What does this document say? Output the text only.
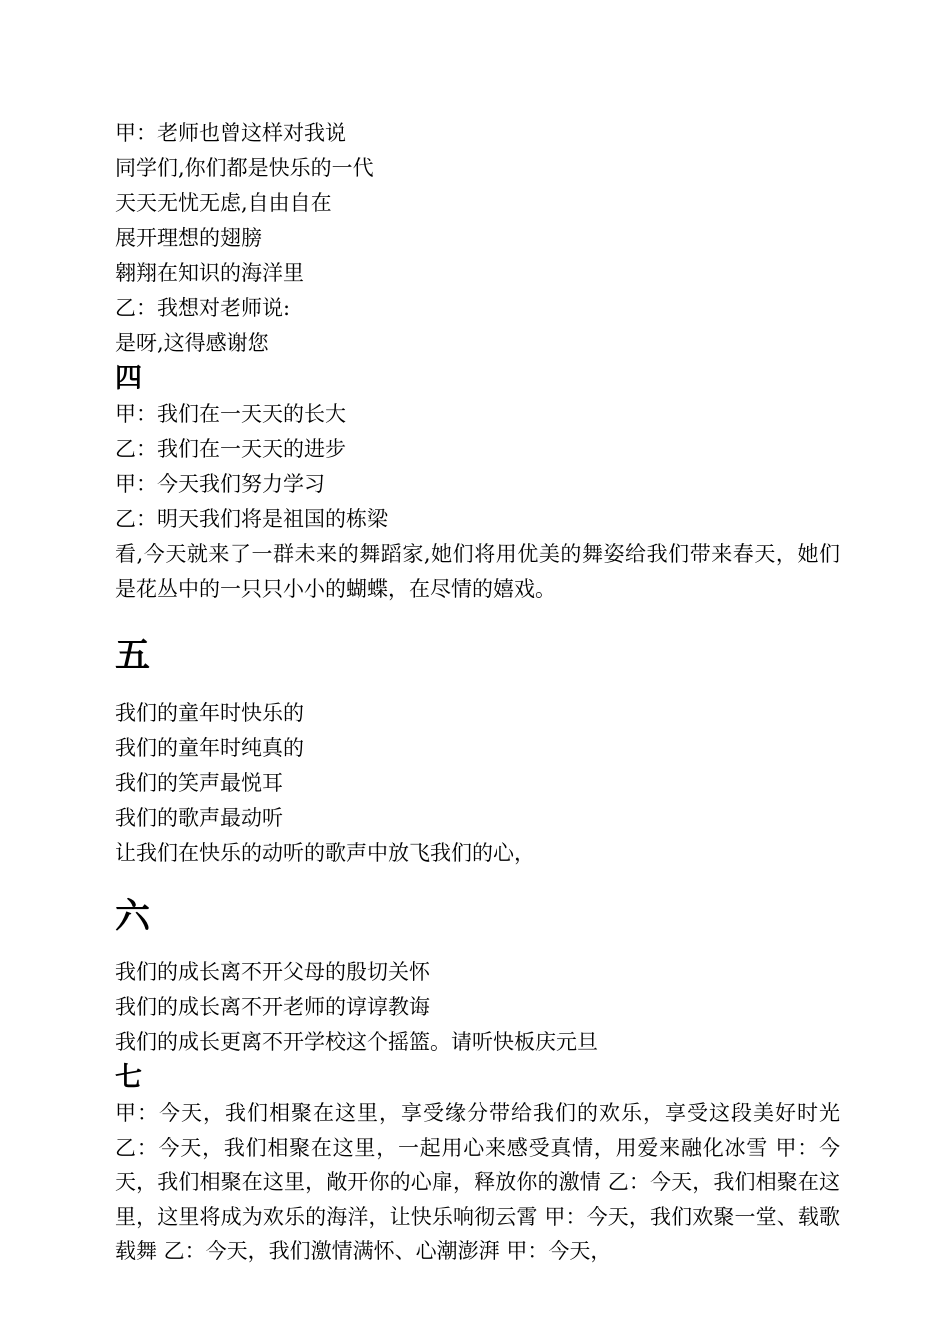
甲：老师也曾这样对我说
同学们,你们都是快乐的一代
天天无忧无虑,自由自在
展开理想的翅膀
翱翔在知识的海洋里
乙：我想对老师说:
是呀,这得感谢您
四
甲：我们在一天天的长大
乙：我们在一天天的进步
甲：今天我们努力学习
乙：明天我们将是祖国的栋梁
看,今天就来了一群未来的舞蹈家,她们将用优美的舞姿给我们带来春天，她们是花丛中的一只只小小的蝴蝶，在尽情的嬉戏。
五
我们的童年时快乐的
我们的童年时纯真的
我们的笑声最悦耳
我们的歌声最动听
让我们在快乐的动听的歌声中放飞我们的心，
六
我们的成长离不开父母的殷切关怀
我们的成长离不开老师的谆谆教诲
我们的成长更离不开学校这个摇篮。请听快板庆元旦
七
甲：今天，我们相聚在这里，享受缘分带给我们的欢乐，享受这段美好时光 乙：今天，我们相聚在这里，一起用心来感受真情，用爱来融化冰雪 甲：今天，我们相聚在这里，敞开你的心扉，释放你的激情 乙：今天，我们相聚在这里，这里将成为欢乐的海洋，让快乐响彻云霄 甲：今天，我们欢聚一堂、载歌载舞 乙：今天，我们激情满怀、心潮澎湃 甲：今天，
